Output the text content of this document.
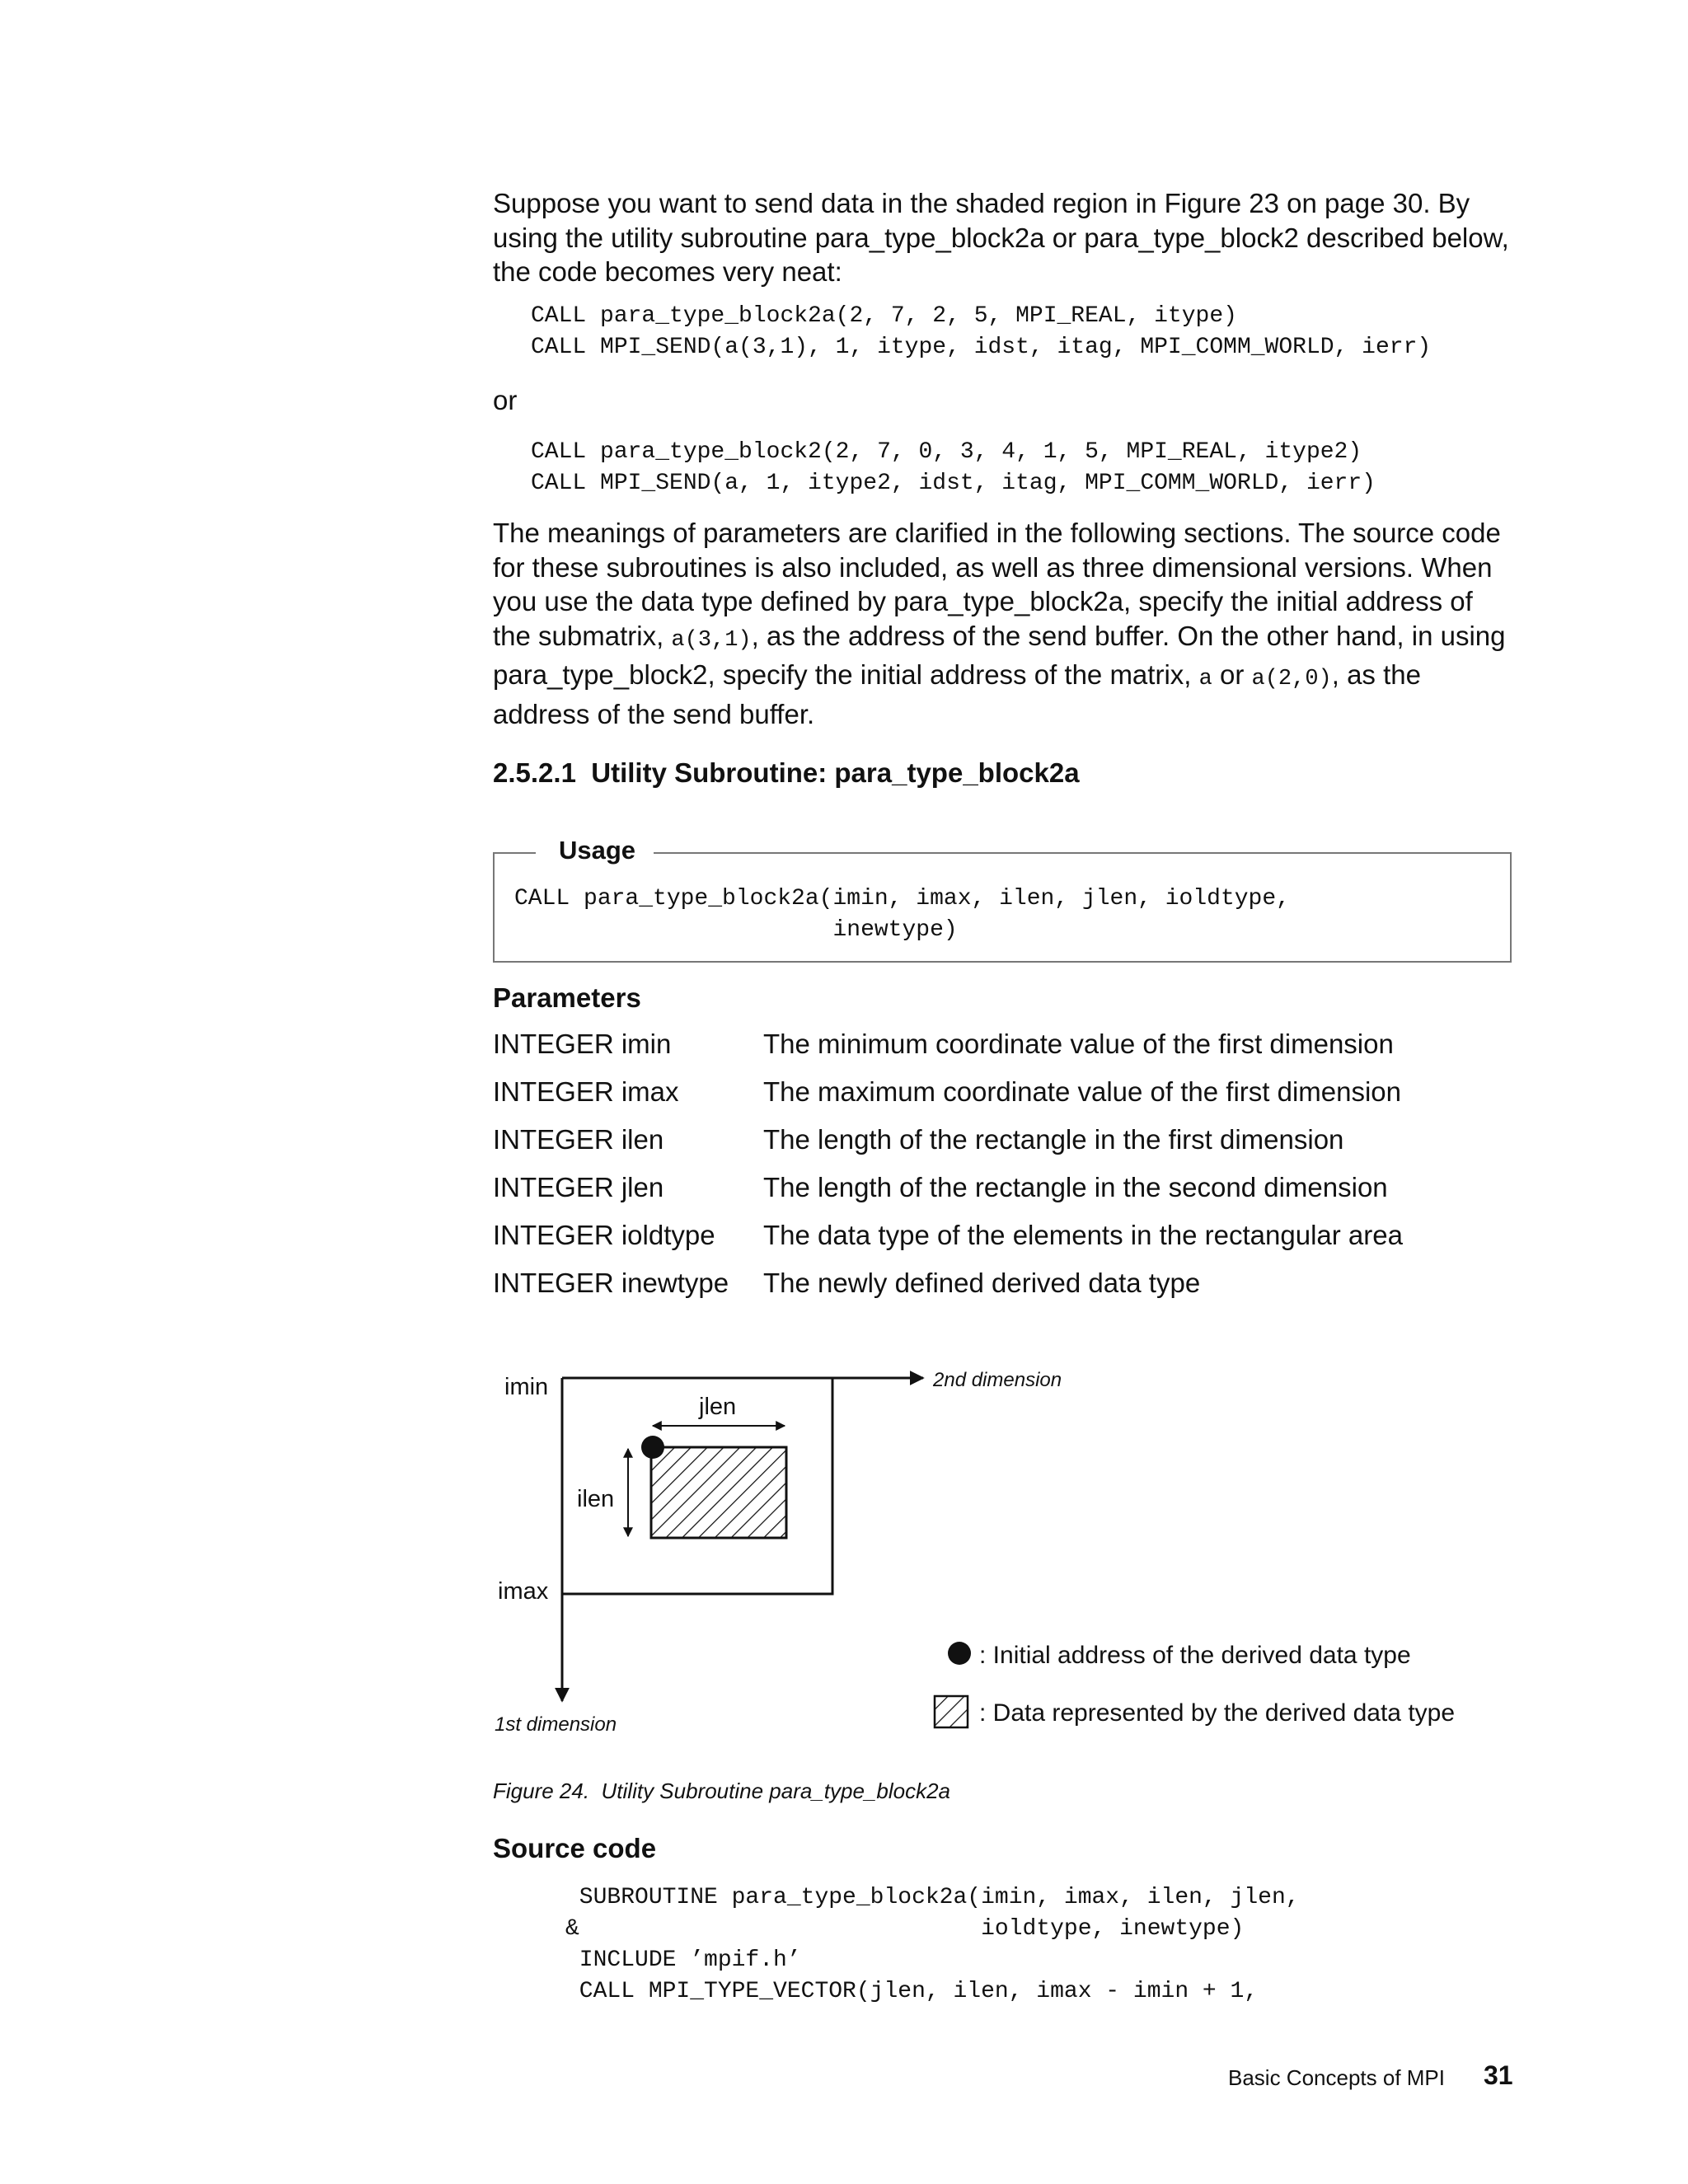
Suppose you want to send data in the shaded region in Figure 23 on page 30. By using the utility subroutine para_type_block2a or para_type_block2 described below, the code becomes very neat:

CALL para_type_block2a(2, 7, 2, 5, MPI_REAL, itype)
CALL MPI_SEND(a(3,1), 1, itype, idst, itag, MPI_COMM_WORLD, ierr)

or

CALL para_type_block2(2, 7, 0, 3, 4, 1, 5, MPI_REAL, itype2)
CALL MPI_SEND(a, 1, itype2, idst, itag, MPI_COMM_WORLD, ierr)

The meanings of parameters are clarified in the following sections. The source code for these subroutines is also included, as well as three dimensional versions. When you use the data type defined by para_type_block2a, specify the initial address of the submatrix, a(3,1), as the address of the send buffer. On the other hand, in using para_type_block2, specify the initial address of the matrix, a or a(2,0), as the address of the send buffer.

2.5.2.1  Utility Subroutine: para_type_block2a
Usage
CALL para_type_block2a(imin, imax, ilen, jlen, ioldtype,
inewtype)
Parameters
INTEGER imin	The minimum coordinate value of the first dimension
INTEGER imax	The maximum coordinate value of the first dimension
INTEGER ilen	The length of the rectangle in the first dimension
INTEGER jlen	The length of the rectangle in the second dimension
INTEGER ioldtype The data type of the elements in the rectangular area
INTEGER inewtype The newly defined derived data type
imin
imax
jlen
ilen
2nd dimension
1st dimension
: Initial address of the derived data type
: Data represented by the derived data type
Figure 24.  Utility Subroutine para_type_block2a
Source code
SUBROUTINE para_type_block2a(imin, imax, ilen, jlen,
&                             ioldtype, inewtype)
INCLUDE ’mpif.h’
CALL MPI_TYPE_VECTOR(jlen, ilen, imax - imin + 1,
Basic Concepts of MPI 31
